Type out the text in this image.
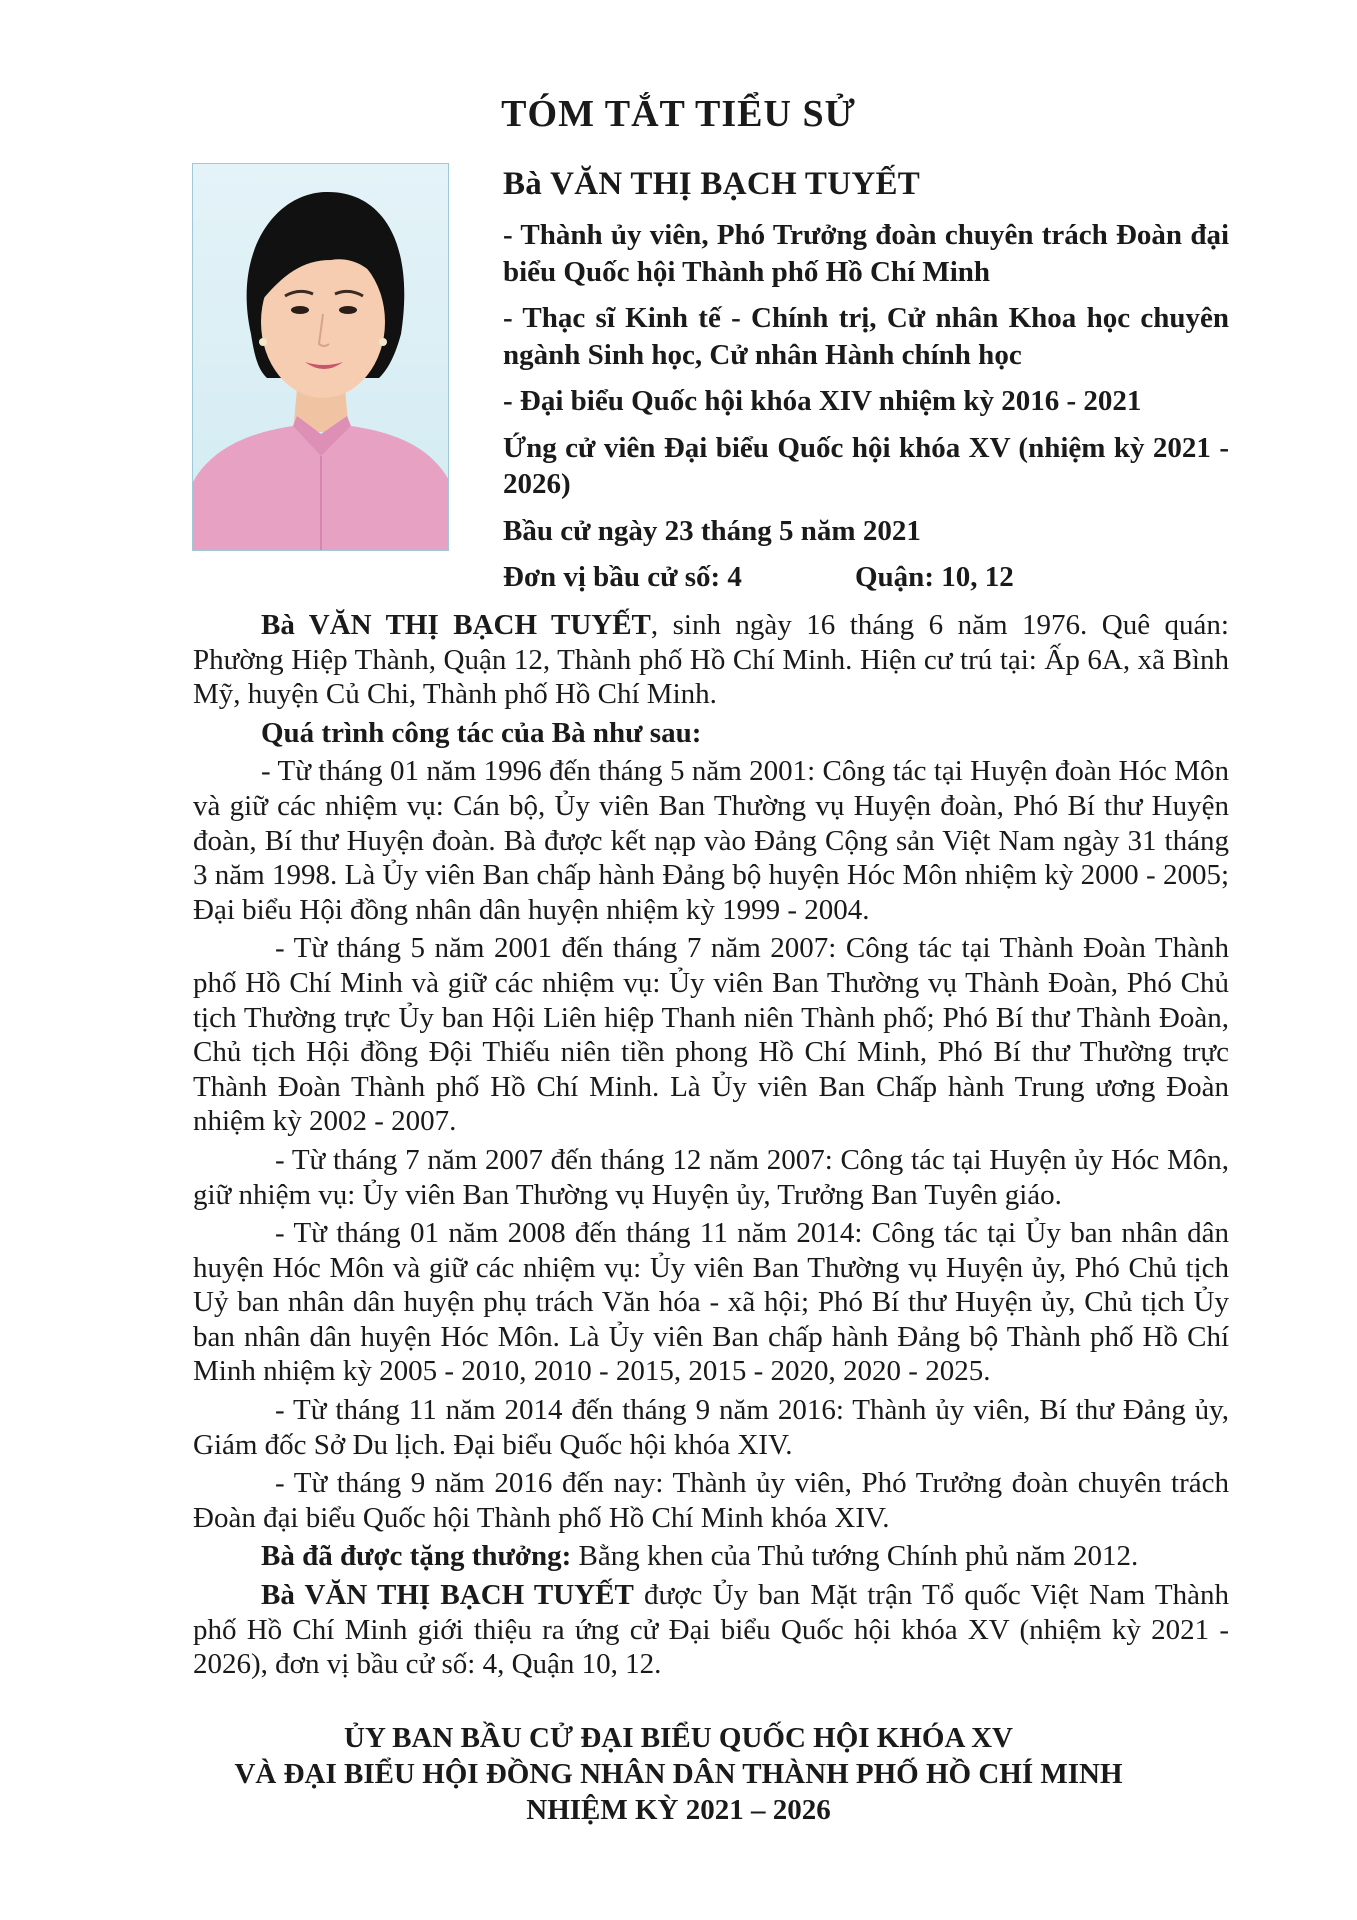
TÓM TẮT TIỂU SỬ
Bà VĂN THỊ BẠCH TUYẾT
- Thành ủy viên, Phó Trưởng đoàn chuyên trách Đoàn đại biểu Quốc hội Thành phố Hồ Chí Minh
- Thạc sĩ Kinh tế - Chính trị, Cử nhân Khoa học chuyên ngành Sinh học, Cử nhân Hành chính học
- Đại biểu Quốc hội khóa XIV nhiệm kỳ 2016 - 2021
Ứng cử viên Đại biểu Quốc hội khóa XV (nhiệm kỳ 2021 - 2026)
Bầu cử ngày 23 tháng 5 năm 2021
Đơn vị bầu cử số: 4	Quận: 10, 12

Bà VĂN THỊ BẠCH TUYẾT, sinh ngày 16 tháng 6 năm 1976. Quê quán: Phường Hiệp Thành, Quận 12, Thành phố Hồ Chí Minh. Hiện cư trú tại: Ấp 6A, xã Bình Mỹ, huyện Củ Chi, Thành phố Hồ Chí Minh.

Quá trình công tác của Bà như sau:

- Từ tháng 01 năm 1996 đến tháng 5 năm 2001: Công tác tại Huyện đoàn Hóc Môn và giữ các nhiệm vụ: Cán bộ, Ủy viên Ban Thường vụ Huyện đoàn, Phó Bí thư Huyện đoàn, Bí thư Huyện đoàn. Bà được kết nạp vào Đảng Cộng sản Việt Nam ngày 31 tháng 3 năm 1998. Là Ủy viên Ban chấp hành Đảng bộ huyện Hóc Môn nhiệm kỳ 2000 - 2005; Đại biểu Hội đồng nhân dân huyện nhiệm kỳ 1999 - 2004.

- Từ tháng 5 năm 2001 đến tháng 7 năm 2007: Công tác tại Thành Đoàn Thành phố Hồ Chí Minh và giữ các nhiệm vụ: Ủy viên Ban Thường vụ Thành Đoàn, Phó Chủ tịch Thường trực Ủy ban Hội Liên hiệp Thanh niên Thành phố; Phó Bí thư Thành Đoàn, Chủ tịch Hội đồng Đội Thiếu niên tiền phong Hồ Chí Minh, Phó Bí thư Thường trực Thành Đoàn Thành phố Hồ Chí Minh. Là Ủy viên Ban Chấp hành Trung ương Đoàn nhiệm kỳ 2002 - 2007.

- Từ tháng 7 năm 2007 đến tháng 12 năm 2007: Công tác tại Huyện ủy Hóc Môn, giữ nhiệm vụ: Ủy viên Ban Thường vụ Huyện ủy, Trưởng Ban Tuyên giáo.

- Từ tháng 01 năm 2008 đến tháng 11 năm 2014: Công tác tại Ủy ban nhân dân huyện Hóc Môn và giữ các nhiệm vụ: Ủy viên Ban Thường vụ Huyện ủy, Phó Chủ tịch Uỷ ban nhân dân huyện phụ trách Văn hóa - xã hội; Phó Bí thư Huyện ủy, Chủ tịch Ủy ban nhân dân huyện Hóc Môn. Là Ủy viên Ban chấp hành Đảng bộ Thành phố Hồ Chí Minh nhiệm kỳ 2005 - 2010, 2010 - 2015, 2015 - 2020, 2020 - 2025.

- Từ tháng 11 năm 2014 đến tháng 9 năm 2016: Thành ủy viên, Bí thư Đảng ủy, Giám đốc Sở Du lịch. Đại biểu Quốc hội khóa XIV.

- Từ tháng 9 năm 2016 đến nay: Thành ủy viên, Phó Trưởng đoàn chuyên trách Đoàn đại biểu Quốc hội Thành phố Hồ Chí Minh khóa XIV.

Bà đã được tặng thưởng: Bằng khen của Thủ tướng Chính phủ năm 2012.

Bà VĂN THỊ BẠCH TUYẾT được Ủy ban Mặt trận Tổ quốc Việt Nam Thành phố Hồ Chí Minh giới thiệu ra ứng cử Đại biểu Quốc hội khóa XV (nhiệm kỳ 2021 - 2026), đơn vị bầu cử số: 4, Quận 10, 12.

ỦY BAN BẦU CỬ ĐẠI BIỂU QUỐC HỘI KHÓA XV
VÀ ĐẠI BIỂU HỘI ĐỒNG NHÂN DÂN THÀNH PHỐ HỒ CHÍ MINH
NHIỆM KỲ 2021 – 2026
